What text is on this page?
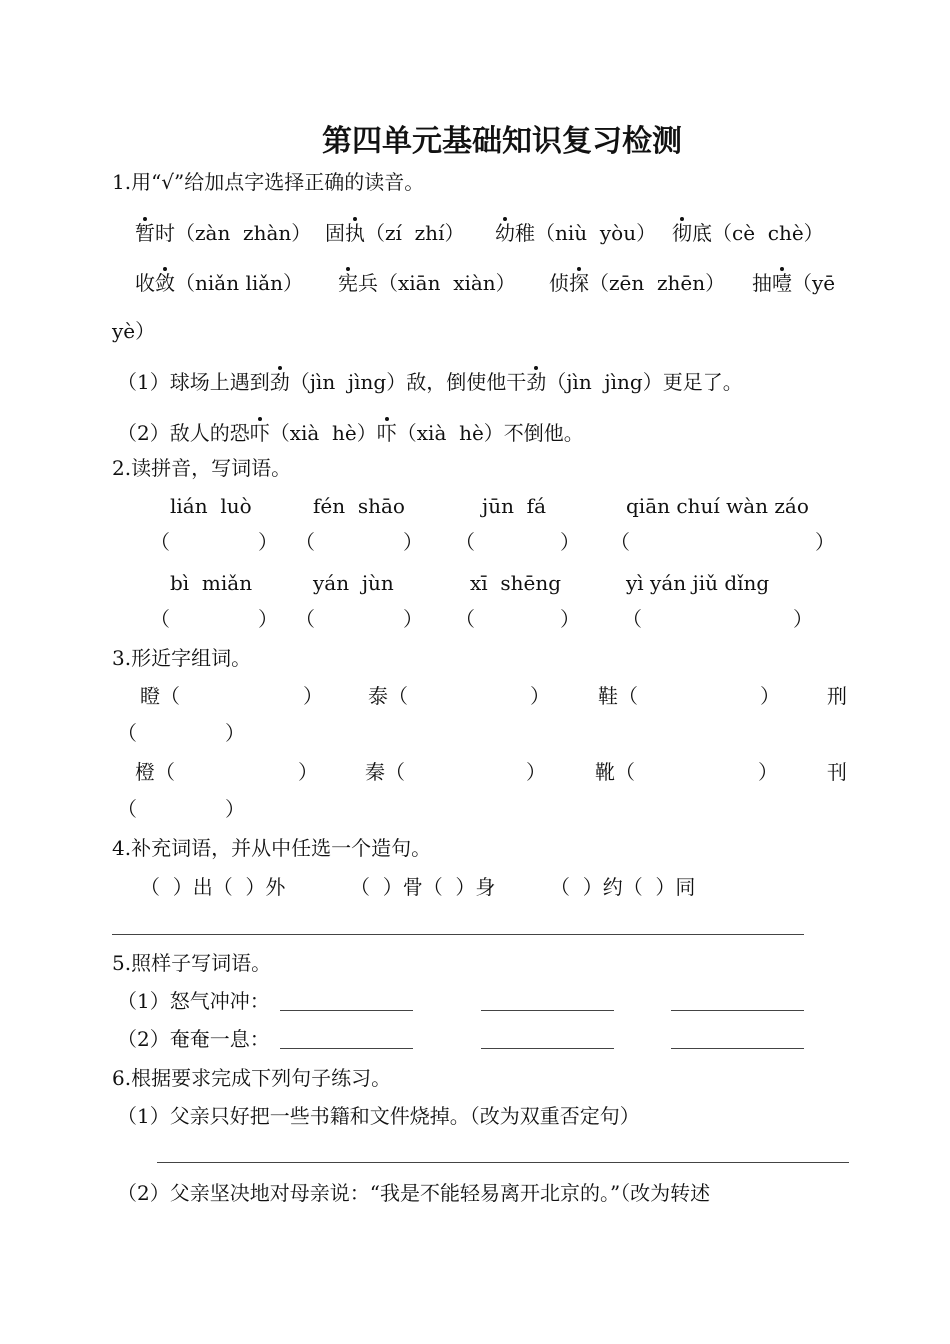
第四单元基础知识复习检测
1.用“√”给加点字选择正确的读音。
暂时（zàn  zhàn） 固执（zí  zhí） 幼稚（niù  yòu） 彻底（cè  chè）
收敛（niǎn liǎn） 宪兵（xiān  xiàn） 侦探（zēn  zhēn） 抽噎（yē
yè）
（1）球场上遇到劲（jìn  jìng）敌，倒使他干劲（jìn  jìng）更足了。
（2）敌人的恐吓（xià  hè）吓（xià  hè）不倒他。
2.读拼音，写词语。
lián  luò	fén  shāo	jūn  fá	qiān chuí wàn záo
（	） （	） （	） （	）
bì  miǎn	yán  jùn	xī  shēng	yì yán jiǔ dǐng
（	） （	） （	） （	）
3.形近字组词。
瞪（	） 泰（	） 鞋（	） 刑
（	）
橙（	） 秦（	） 靴（	） 刊
（	）
4.补充词语，并从中任选一个造句。
（  ）出（  ）外	（  ）骨（  ）身	（  ）约（  ）同
5.照样子写词语。
（1）怒气冲冲：
（2）奄奄一息：
6.根据要求完成下列句子练习。
（1）父亲只好把一些书籍和文件烧掉。（改为双重否定句）
（2）父亲坚决地对母亲说：“我是不能轻易离开北京的。”（改为转述
